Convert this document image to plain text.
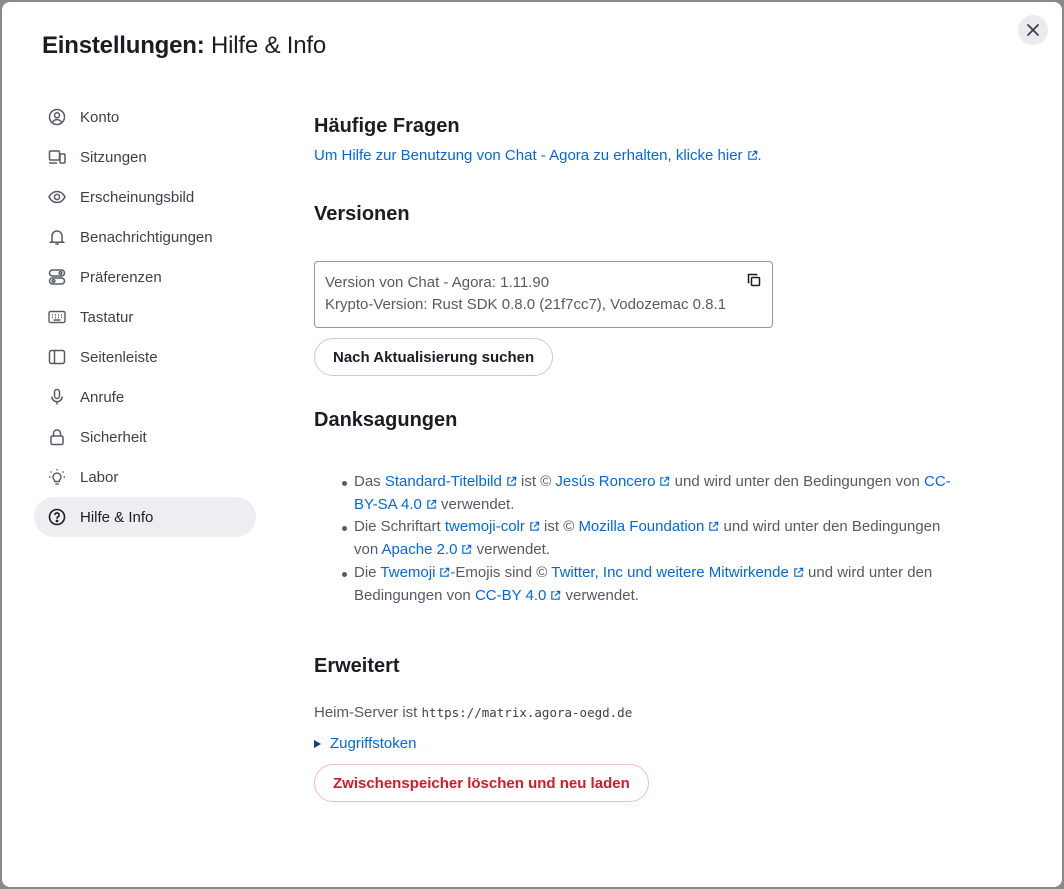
Einstellungen: Hilfe & Info
Konto
Sitzungen
Erscheinungsbild
Benachrichtigungen
Präferenzen
Tastatur
Seitenleiste
Anrufe
Sicherheit
Labor
Hilfe & Info
Häufige Fragen
Um Hilfe zur Benutzung von Chat - Agora zu erhalten, klicke hier .
Versionen
Version von Chat - Agora: 1.11.90
Krypto-Version: Rust SDK 0.8.0 (21f7cc7), Vodozemac 0.8.1
Nach Aktualisierung suchen
Danksagungen
Das Standard-Titelbild ist © Jesús Roncero und wird unter den Bedingungen von CC-BY-SA 4.0 verwendet.
Die Schriftart twemoji-colr ist © Mozilla Foundation und wird unter den Bedingungen von Apache 2.0 verwendet.
Die Twemoji -Emojis sind © Twitter, Inc und weitere Mitwirkende und wird unter den Bedingungen von CC-BY 4.0 verwendet.
Erweitert
Heim-Server ist https://matrix.agora-oegd.de
Zugriffstoken
Zwischenspeicher löschen und neu laden
